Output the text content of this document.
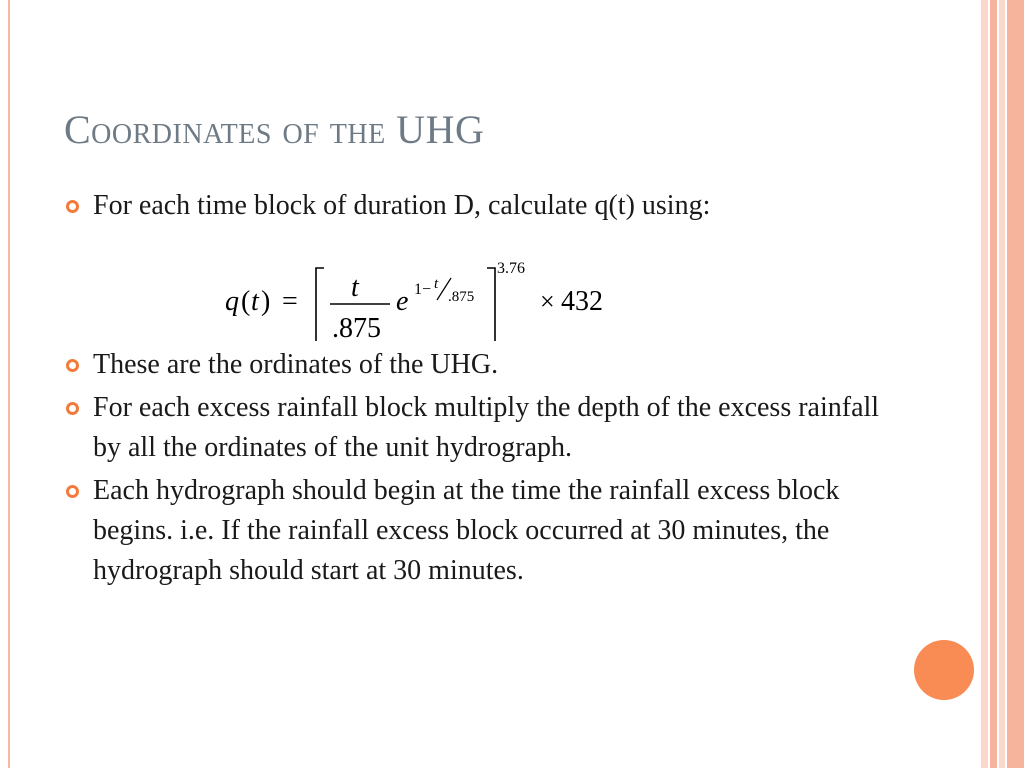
Coordinates of the UHG
For each time block of duration D, calculate q(t) using:
q ( t ) = t
.875
e 1 − t
.875
3.76
× 432
These are the ordinates of the UHG.
For each excess rainfall block multiply the depth of the excess rainfall by all the ordinates of the unit hydrograph.
Each hydrograph should begin at the time the rainfall excess block begins. i.e. If the rainfall excess block occurred at 30 minutes, the hydrograph should start at 30 minutes.
